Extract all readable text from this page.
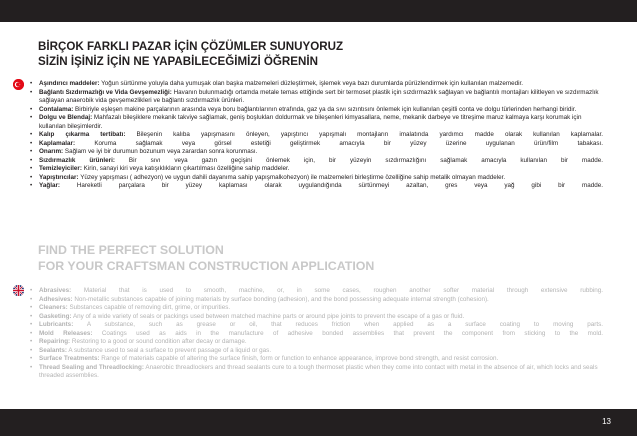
BİRÇOK FARKLI PAZAR İÇİN ÇÖZÜMLER SUNUYORUZ
SİZİN İŞİNİZ İÇİN NE YAPABİLECEĞİMİZİ ÖĞRENİN
• Aşındırıcı maddeler: Yoğun sürtünme yoluyla daha yumuşak olan başka malzemeleri düzleştirmek, işlemek veya bazı durumlarda pürüzlendirmek için kullanılan malzemedir.
• Bağlantı Sızdırmazlığı ve Vida Gevşemezliği: Havanın bulunmadığı ortamda metale temas ettiğinde sert bir termoset plastik için sızdırmazlık sağlayan ve bağlantılı montajları kilitleyen ve sızdırmazlık sağlayan anaerobik vida gevşemezlikleri ve bağlantı sızdırmazlık ürünleri.
• Contalama: Birbiriyle eşleşen makine parçalarının arasında veya boru bağlantılarının etrafında, gaz ya da sıvı sızıntısını önlemek için kullanılan çeşitli conta ve dolgu türlerinden herhangi biridir.
• Dolgu ve Blendaj: Mahfazalı bileşiklere mekanik takviye sağlamak, geniş boşlukları doldurmak ve bileşenleri kimyasallara, neme, mekanik darbeye ve titreşime maruz kalmaya karşı korumak için kullanılan bileşimlerdir.
• Kalıp çıkarma tertibatı: Bileşenin kalıba yapışmasını önleyen, yapıştırıcı yapışmalı montajların imalatında yardımcı madde olarak kullanılan kaplamalar.
• Kaplamalar: Koruma sağlamak veya görsel estetiği geliştirmek amacıyla bir yüzey üzerine uygulanan ürün/film tabakası.
• Onarım: Sağlam ve iyi bir durumun bozunum veya zarardan sonra korunması.
• Sızdırmazlık ürünleri: Bir sıvı veya gazın geçişini önlemek için, bir yüzeyin sızdırmazlığını sağlamak amacıyla kullanılan bir madde.
• Temizleyiciler: Kirin, sanayi kiri veya katışıklıkların çıkartılması özelliğine sahip maddeler.
• Yapıştırıcılar: Yüzey yapışması ( adhezyon) ve uygun dahili dayanıma sahip yapışmalkohezyon) ile malzemeleri birleştirme özelliğine sahip metalik olmayan maddeler.
• Yağlar: Hareketli parçalara bir yüzey kaplaması olarak uygulandığında sürtünmeyi azaltan, gres veya yağ gibi bir madde.
FIND THE PERFECT SOLUTION
FOR YOUR CRAFTSMAN CONSTRUCTION APPLICATION
• Abrasives: Material that is used to smooth, machine, or, in some cases, roughen another softer material through extensive rubbing.
• Adhesives: Non-metallic substances capable of joining materials by surface bonding (adhesion), and the bond possessing adequate internal strength (cohesion).
• Cleaners: Substances capable of removing dirt, grime, or impurities.
• Gasketing: Any of a wide variety of seals or packings used between matched machine parts or around pipe joints to prevent the escape of a gas or fluid.
• Lubricants: A substance, such as grease or oil, that reduces friction when applied as a surface coating to moving parts.
• Mold Releases: Coatings used as aids in the manufacture of adhesive bonded assemblies that prevent the component from sticking to the mold.
• Repairing: Restoring to a good or sound condition after decay or damage.
• Sealants: A substance used to seal a surface to prevent passage of a liquid or gas.
• Surface Treatments: Range of materials capable of altering the surface finish, form or function to enhance appearance, improve bond strength, and resist corrosion.
• Thread Sealing and Threadlocking: Anaerobic threadlockers and thread sealants cure to a tough thermoset plastic when they come into contact with metal in the absence of air, which locks and seals threaded assemblies.
13
